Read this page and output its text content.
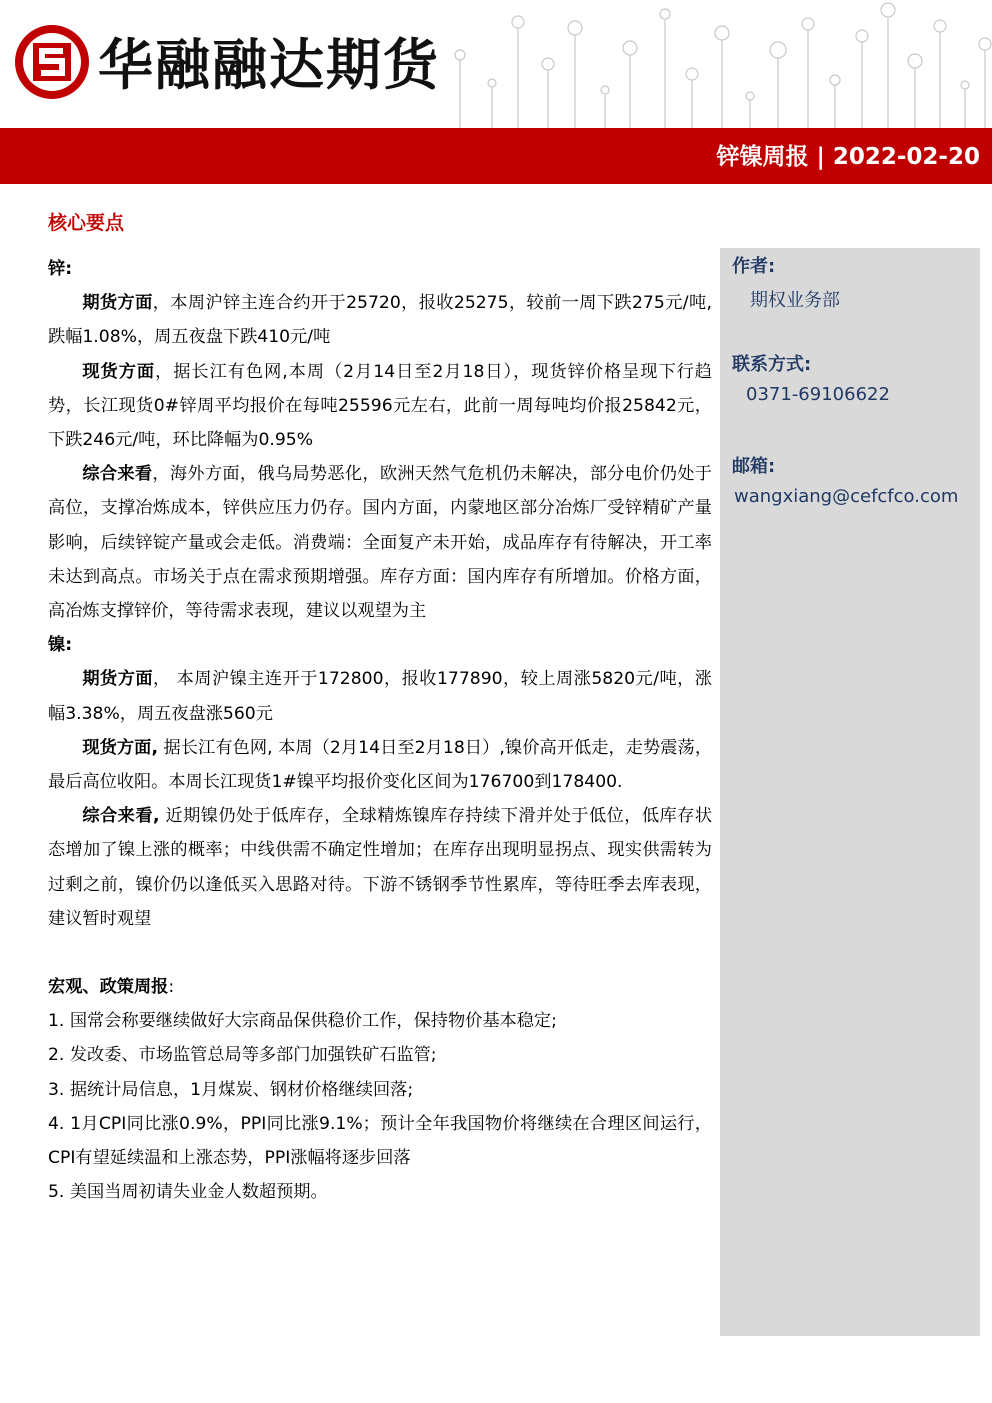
华融融达期货
锌镍周报 | 2022-02-20
核心要点

锌:

期货方面，本周沪锌主连合约开于25720，报收25275，较前一周下跌275元/吨,跌幅1.08%，周五夜盘下跌410元/吨

现货方面，据长江有色网,本周（2月14日至2月18日），现货锌价格呈现下行趋势，长江现货0#锌周平均报价在每吨25596元左右，此前一周每吨均价报25842元，下跌246元/吨，环比降幅为0.95%

综合来看，海外方面，俄乌局势恶化，欧洲天然气危机仍未解决，部分电价仍处于高位，支撑冶炼成本，锌供应压力仍存。国内方面，内蒙地区部分冶炼厂受锌精矿产量影响，后续锌锭产量或会走低。消费端：全面复产未开始，成品库存有待解决，开工率未达到高点。市场关于点在需求预期增强。库存方面：国内库存有所增加。价格方面，高冶炼支撑锌价，等待需求表现，建议以观望为主

镍:

期货方面， 本周沪镍主连开于172800，报收177890，较上周涨5820元/吨，涨幅3.38%，周五夜盘涨560元

现货方面, 据长江有色网, 本周（2月14日至2月18日）,镍价高开低走，走势震荡，最后高位收阳。本周长江现货1#镍平均报价变化区间为176700到178400.

综合来看, 近期镍仍处于低库存，全球精炼镍库存持续下滑并处于低位，低库存状态增加了镍上涨的概率；中线供需不确定性增加；在库存出现明显拐点、现实供需转为过剩之前，镍价仍以逢低买入思路对待。下游不锈钢季节性累库，等待旺季去库表现，建议暂时观望

宏观、政策周报:

1. 国常会称要继续做好大宗商品保供稳价工作，保持物价基本稳定;

2. 发改委、市场监管总局等多部门加强铁矿石监管;

3. 据统计局信息，1月煤炭、钢材价格继续回落;

4. 1月CPI同比涨0.9%，PPI同比涨9.1%；预计全年我国物价将继续在合理区间运行，CPI有望延续温和上涨态势，PPI涨幅将逐步回落

5. 美国当周初请失业金人数超预期。

作者:
期权业务部
联系方式:
0371-69106622
邮箱:
wangxiang@cefcfco.com
